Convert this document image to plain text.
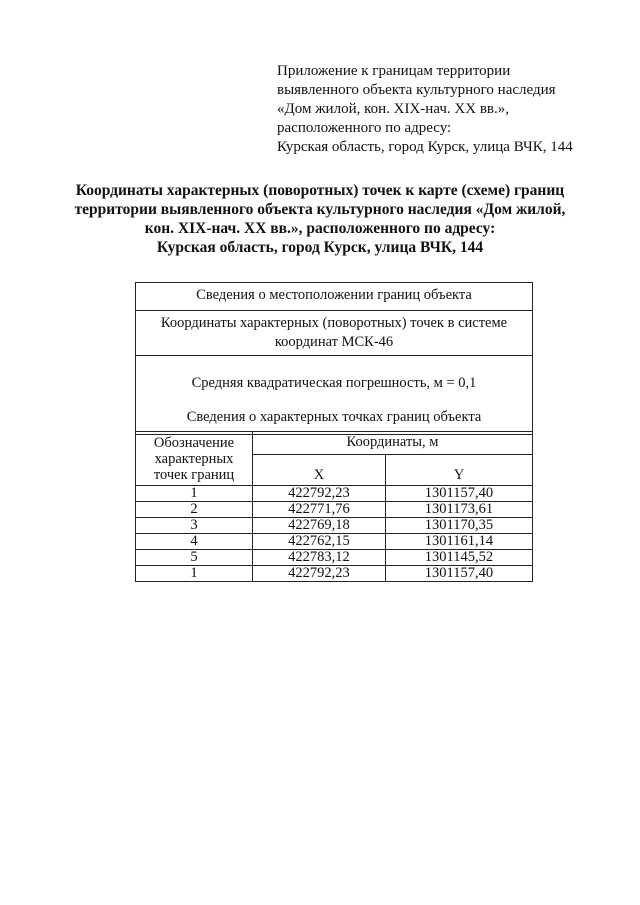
Приложение к границам территории
выявленного объекта культурного наследия
«Дом жилой, кон. XIX-нач. XX вв.»,
расположенного по адресу:
Курская область, город Курск, улица ВЧК, 144
Координаты характерных (поворотных) точек к карте (схеме) границ
территории выявленного объекта культурного наследия «Дом жилой,
кон. XIX-нач. XX вв.», расположенного по адресу:
Курская область, город Курск, улица ВЧК, 144
Сведения о местоположении границ объекта
Координаты характерных (поворотных) точек в системе
координат МСК-46
Средняя квадратическая погрешность, м = 0,1
Сведения о характерных точках границ объекта
Обозначение
характерных
точек границ	Координаты, м	
	X	Y
1	422792,23	1301157,40
2	422771,76	1301173,61
3	422769,18	1301170,35
4	422762,15	1301161,14
5	422783,12	1301145,52
1	422792,23	1301157,40
